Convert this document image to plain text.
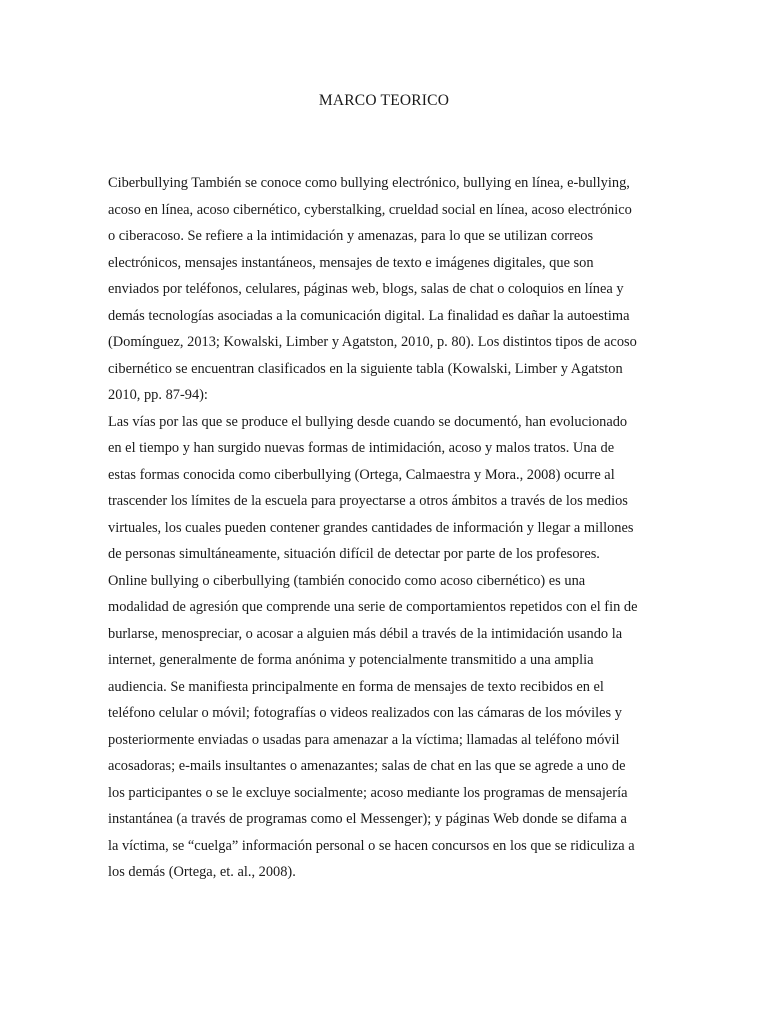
MARCO TEORICO
Ciberbullying También se conoce como bullying electrónico, bullying en línea, e-bullying,
acoso en línea, acoso cibernético, cyberstalking, crueldad social en línea, acoso electrónico
o ciberacoso. Se refiere a la intimidación y amenazas, para lo que se utilizan correos
electrónicos, mensajes instantáneos, mensajes de texto e imágenes digitales, que son
enviados por teléfonos, celulares, páginas web, blogs, salas de chat o coloquios en línea y
demás tecnologías asociadas a la comunicación digital. La finalidad es dañar la autoestima
(Domínguez, 2013; Kowalski, Limber y Agatston, 2010, p. 80). Los distintos tipos de acoso
cibernético se encuentran clasificados en la siguiente tabla (Kowalski, Limber y Agatston
2010, pp. 87-94):
Las vías por las que se produce el bullying desde cuando se documentó, han evolucionado
en el tiempo y han surgido nuevas formas de intimidación, acoso y malos tratos. Una de
estas formas conocida como ciberbullying (Ortega, Calmaestra y Mora., 2008) ocurre al
trascender los límites de la escuela para proyectarse a otros ámbitos a través de los medios
virtuales, los cuales pueden contener grandes cantidades de información y llegar a millones
de personas simultáneamente, situación difícil de detectar por parte de los profesores.
Online bullying o ciberbullying (también conocido como acoso cibernético) es una
modalidad de agresión que comprende una serie de comportamientos repetidos con el fin de
burlarse, menospreciar, o acosar a alguien más débil a través de la intimidación usando la
internet, generalmente de forma anónima y potencialmente transmitido a una amplia
audiencia. Se manifiesta principalmente en forma de mensajes de texto recibidos en el
teléfono celular o móvil; fotografías o videos realizados con las cámaras de los móviles y
posteriormente enviadas o usadas para amenazar a la víctima; llamadas al teléfono móvil
acosadoras; e-mails insultantes o amenazantes; salas de chat en las que se agrede a uno de
los participantes o se le excluye socialmente; acoso mediante los programas de mensajería
instantánea (a través de programas como el Messenger); y páginas Web donde se difama a
la víctima, se “cuelga” información personal o se hacen concursos en los que se ridiculiza a
los demás (Ortega, et. al., 2008).
